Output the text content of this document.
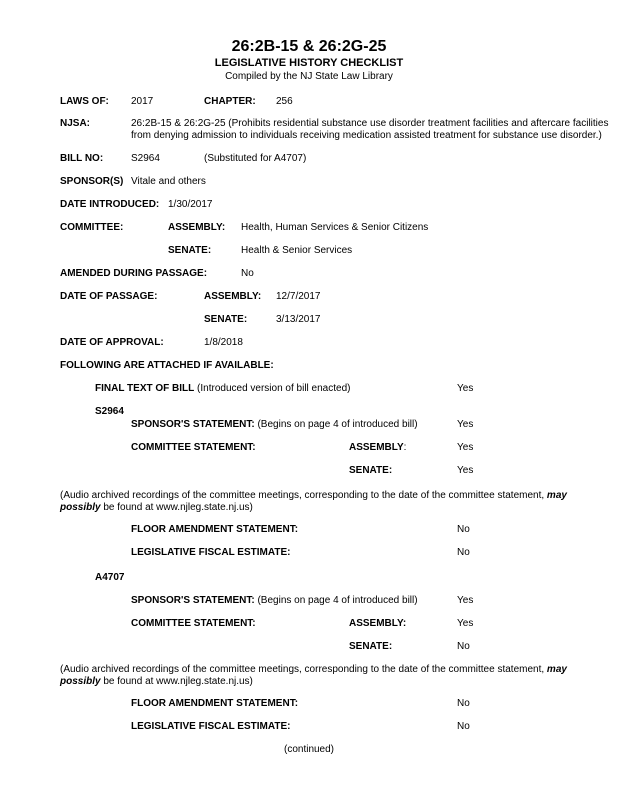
26:2B-15 & 26:2G-25
LEGISLATIVE HISTORY CHECKLIST
Compiled by the NJ State Law Library
LAWS OF: 2017	CHAPTER: 256
NJSA:	26:2B-15 & 26:2G-25 (Prohibits residential substance use disorder treatment facilities and aftercare facilities
from denying admission to individuals receiving medication assisted treatment for substance use disorder.)
BILL NO:	S2964	(Substituted for A4707)
SPONSOR(S) Vitale and others
DATE INTRODUCED: 1/30/2017
COMMITTEE:	ASSEMBLY: Health, Human Services & Senior Citizens
SENATE:	Health & Senior Services
AMENDED DURING PASSAGE:	No
DATE OF PASSAGE:	ASSEMBLY: 12/7/2017
SENATE:	3/13/2017
DATE OF APPROVAL:	1/8/2018
FOLLOWING ARE ATTACHED IF AVAILABLE:
FINAL TEXT OF BILL (Introduced version of bill enacted)	Yes
S2964
SPONSOR'S STATEMENT: (Begins on page 4 of introduced bill)	Yes
COMMITTEE STATEMENT:	ASSEMBLY:	Yes
SENATE:	Yes
(Audio archived recordings of the committee meetings, corresponding to the date of the committee statement, may possibly be found at www.njleg.state.nj.us)
FLOOR AMENDMENT STATEMENT:	No
LEGISLATIVE FISCAL ESTIMATE:	No
A4707
SPONSOR'S STATEMENT: (Begins on page 4 of introduced bill)	Yes
COMMITTEE STATEMENT:	ASSEMBLY:	Yes
SENATE:	No
(Audio archived recordings of the committee meetings, corresponding to the date of the committee statement, may possibly be found at www.njleg.state.nj.us)
FLOOR AMENDMENT STATEMENT:	No
LEGISLATIVE FISCAL ESTIMATE:	No
(continued)
